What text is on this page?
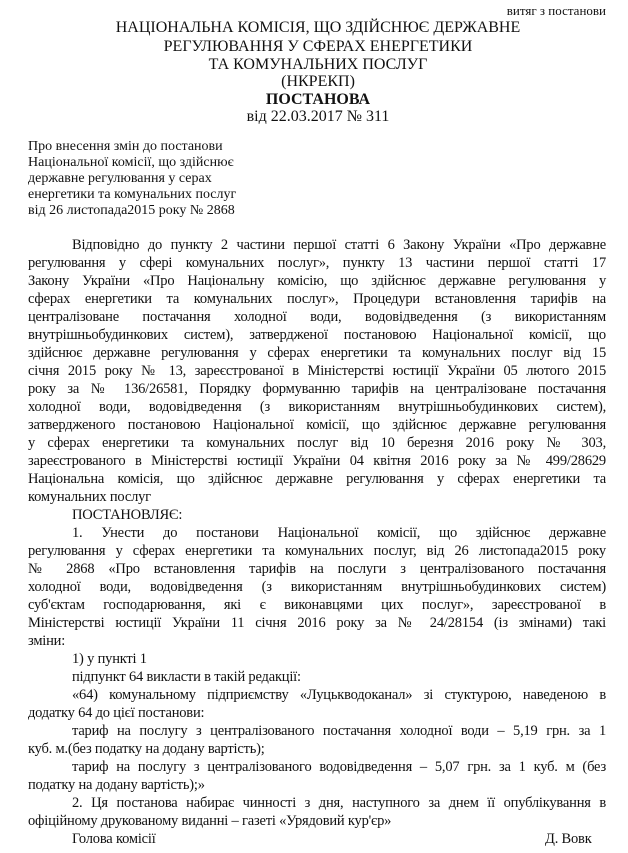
витяг з постанови
НАЦІОНАЛЬНА КОМІСІЯ, ЩО ЗДІЙСНЮЄ ДЕРЖАВНЕ
РЕГУЛЮВАННЯ У СФЕРАХ ЕНЕРГЕТИКИ
ТА КОМУНАЛЬНИХ ПОСЛУГ
(НКРЕКП)
ПОСТАНОВА
від 22.03.2017 № 311
Про внесення змін до постанови
Національної комісії, що здійснює
державне регулювання у серах
енергетики та комунальних послуг
від 26 листопада2015 року № 2868
Відповідно до пункту 2 частини першої статті 6 Закону України «Про державне
регулювання у сфері комунальних послуг», пункту 13 частини першої статті 17
Закону України «Про Національну комісію, що здійснює державне регулювання у
сферах енергетики та комунальних послуг», Процедури встановлення тарифів на
централізоване постачання холодної води, водовідведення (з використанням
внутрішньобудинкових систем), затвердженої постановою Національної комісії, що
здійснює державне регулювання у сферах енергетики та комунальних послуг від 15
січня 2015 року № 13, зареєстрованої в Міністерстві юстиції України 05 лютого 2015
року за № 136/26581, Порядку формуванню тарифів на централізоване постачання
холодної води, водовідведення (з використанням внутрішньобудинкових систем),
затвердженого постановою Національної комісії, що здійснює державне регулювання
у сферах енергетики та комунальних послуг від 10 березня 2016 року № 303,
зареєстрованого в Міністерстві юстиції України 04 квітня 2016 року за № 499/28629
Національна комісія, що здійснює державне регулювання у сферах енергетики та
комунальних послуг
ПОСТАНОВЛЯЄ:
1. Унести до постанови Національної комісії, що здійснює державне
регулювання у сферах енергетики та комунальних послуг, від 26 листопада2015 року
№ 2868 «Про встановлення тарифів на послуги з централізованого постачання
холодної води, водовідведення (з використанням внутрішньобудинкових систем)
суб'єктам господарювання, які є виконавцями цих послуг», зареєстрованої в
Міністерстві юстиції України 11 січня 2016 року за № 24/28154 (із змінами) такі
зміни:
1) у пункті 1
підпункт 64 викласти в такій редакції:
«64) комунальному підприємству «Луцькводоканал» зі стуктурою, наведеною в
додатку 64 до цієї постанови:
тариф на послугу з централізованого постачання холодної води – 5,19 грн. за 1
куб. м.(без податку на додану вартість);
тариф на послугу з централізованого водовідведення – 5,07 грн. за 1 куб. м (без
податку на додану вартість);»
2. Ця постанова набирає чинності з дня, наступного за днем її опублікування в
офіційному друкованому виданні – газеті «Урядовий кур'єр»
Голова комісії	Д. Вовк
